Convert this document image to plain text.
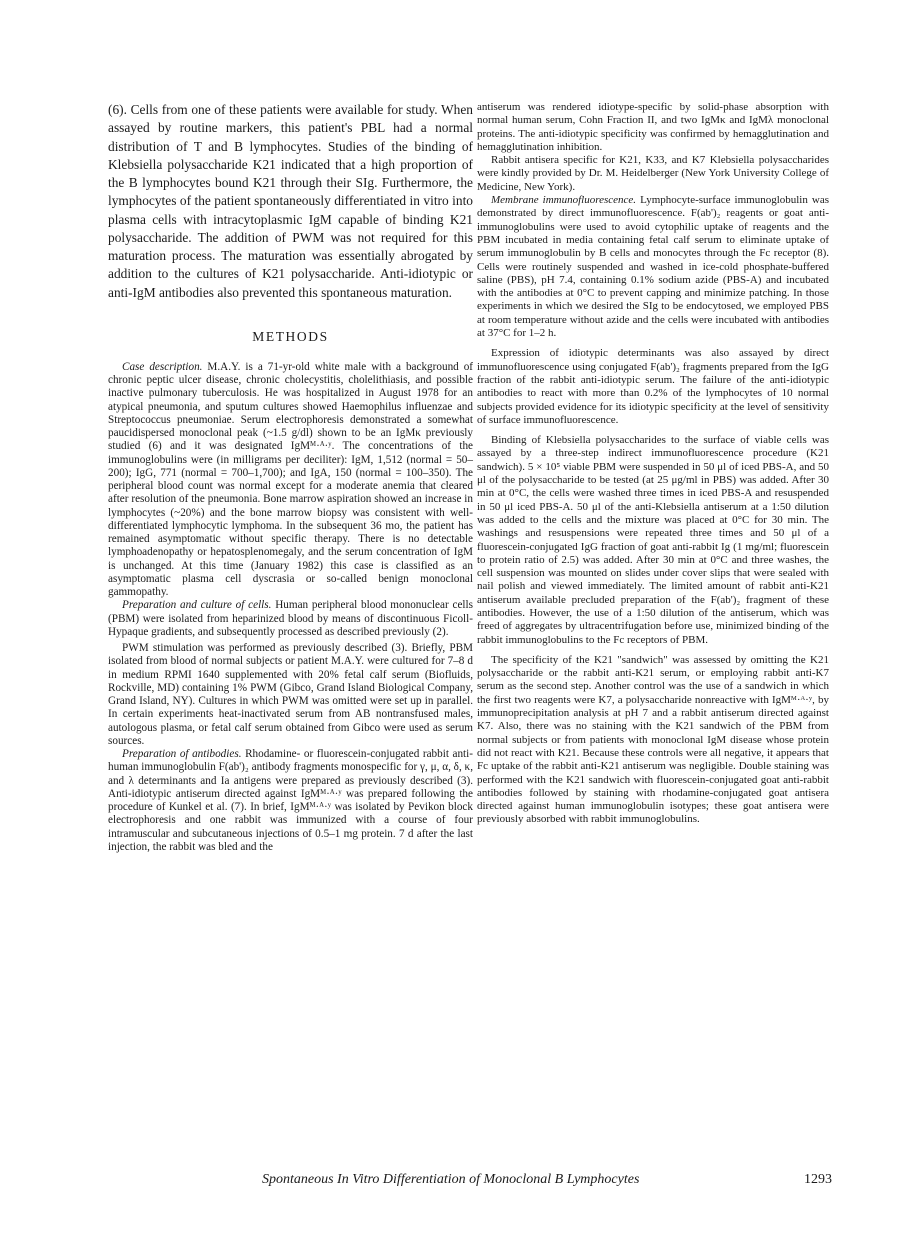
(6). Cells from one of these patients were available for study. When assayed by routine markers, this patient's PBL had a normal distribution of T and B lymphocytes. Studies of the binding of Klebsiella polysaccharide K21 indicated that a high proportion of the B lymphocytes bound K21 through their SIg. Furthermore, the lymphocytes of the patient spontaneously differentiated in vitro into plasma cells with intracytoplasmic IgM capable of binding K21 polysaccharide. The addition of PWM was not required for this maturation process. The maturation was essentially abrogated by addition to the cultures of K21 polysaccharide. Anti-idiotypic or anti-IgM antibodies also prevented this spontaneous maturation.

METHODS

Case description. M.A.Y. is a 71-yr-old white male with a background of chronic peptic ulcer disease, chronic cholecystitis, cholelithiasis, and possible inactive pulmonary tuberculosis. He was hospitalized in August 1978 for an atypical pneumonia, and sputum cultures showed Haemophilus influenzae and Streptococcus pneumoniae. Serum electrophoresis demonstrated a somewhat paucidispersed monoclonal peak (~1.5 g/dl) shown to be an IgMκ previously studied (6) and it was designated IgMᴹ·ᴬ·ʸ. The concentrations of the immunoglobulins were (in milligrams per deciliter): IgM, 1,512 (normal = 50–200); IgG, 771 (normal = 700–1,700); and IgA, 150 (normal = 100–350). The peripheral blood count was normal except for a moderate anemia that cleared after resolution of the pneumonia. Bone marrow aspiration showed an increase in lymphocytes (~20%) and the bone marrow biopsy was consistent with well-differentiated lymphocytic lymphoma. In the subsequent 36 mo, the patient has remained asymptomatic without specific therapy. There is no detectable lymphoadenopathy or hepatosplenomegaly, and the serum concentration of IgM is unchanged. At this time (January 1982) this case is classified as an asymptomatic plasma cell dyscrasia or so-called benign monoclonal gammopathy.

Preparation and culture of cells. Human peripheral blood mononuclear cells (PBM) were isolated from heparinized blood by means of discontinuous Ficoll-Hypaque gradients, and subsequently processed as described previously (2).

PWM stimulation was performed as previously described (3). Briefly, PBM isolated from blood of normal subjects or patient M.A.Y. were cultured for 7–8 d in medium RPMI 1640 supplemented with 20% fetal calf serum (Biofluids, Rockville, MD) containing 1% PWM (Gibco, Grand Island Biological Company, Grand Island, NY). Cultures in which PWM was omitted were set up in parallel. In certain experiments heat-inactivated serum from AB nontransfused males, autologous plasma, or fetal calf serum obtained from Gibco were used as serum sources.

Preparation of antibodies. Rhodamine- or fluorescein-conjugated rabbit anti-human immunoglobulin F(ab')₂ antibody fragments monospecific for γ, μ, α, δ, κ, and λ determinants and Ia antigens were prepared as previously described (3). Anti-idiotypic antiserum directed against IgMᴹ·ᴬ·ʸ was prepared following the procedure of Kunkel et al. (7). In brief, IgMᴹ·ᴬ·ʸ was isolated by Pevikon block electrophoresis and one rabbit was immunized with a course of four intramuscular and subcutaneous injections of 0.5–1 mg protein. 7 d after the last injection, the rabbit was bled and the

antiserum was rendered idiotype-specific by solid-phase absorption with normal human serum, Cohn Fraction II, and two IgMκ and IgMλ monoclonal proteins. The anti-idiotypic specificity was confirmed by hemagglutination and hemagglutination inhibition.

Rabbit antisera specific for K21, K33, and K7 Klebsiella polysaccharides were kindly provided by Dr. M. Heidelberger (New York University College of Medicine, New York).

Membrane immunofluorescence. Lymphocyte-surface immunoglobulin was demonstrated by direct immunofluorescence. F(ab')₂ reagents or goat anti-immunoglobulins were used to avoid cytophilic uptake of reagents and the PBM incubated in media containing fetal calf serum to eliminate uptake of serum immunoglobulin by B cells and monocytes through the Fc receptor (8). Cells were routinely suspended and washed in ice-cold phosphate-buffered saline (PBS), pH 7.4, containing 0.1% sodium azide (PBS-A) and incubated with the antibodies at 0°C to prevent capping and minimize patching. In those experiments in which we desired the SIg to be endocytosed, we employed PBS at room temperature without azide and the cells were incubated with antibodies at 37°C for 1–2 h.

Expression of idiotypic determinants was also assayed by direct immunofluorescence using conjugated F(ab')₂ fragments prepared from the IgG fraction of the rabbit anti-idiotypic serum. The failure of the anti-idiotypic antibodies to react with more than 0.2% of the lymphocytes of 10 normal subjects provided evidence for its idiotypic specificity at the level of sensitivity of surface immunofluorescence.

Binding of Klebsiella polysaccharides to the surface of viable cells was assayed by a three-step indirect immunofluorescence procedure (K21 sandwich). 5 × 10⁵ viable PBM were suspended in 50 μl of iced PBS-A, and 50 μl of the polysaccharide to be tested (at 25 μg/ml in PBS) was added. After 30 min at 0°C, the cells were washed three times in iced PBS-A and resuspended in 50 μl iced PBS-A. 50 μl of the anti-Klebsiella antiserum at a 1:50 dilution was added to the cells and the mixture was placed at 0°C for 30 min. The washings and resuspensions were repeated three times and 50 μl of a fluorescein-conjugated IgG fraction of goat anti-rabbit Ig (1 mg/ml; fluorescein to protein ratio of 2.5) was added. After 30 min at 0°C and three washes, the cell suspension was mounted on slides under cover slips that were sealed with nail polish and viewed immediately. The limited amount of rabbit anti-K21 antiserum available precluded preparation of the F(ab')₂ fragment of these antibodies. However, the use of a 1:50 dilution of the antiserum, which was freed of aggregates by ultracentrifugation before use, minimized binding of the rabbit immunoglobulins to the Fc receptors of PBM.

The specificity of the K21 "sandwich" was assessed by omitting the K21 polysaccharide or the rabbit anti-K21 serum, or employing rabbit anti-K7 serum as the second step. Another control was the use of a sandwich in which the first two reagents were K7, a polysaccharide nonreactive with IgMᴹ·ᴬ·ʸ, by immunoprecipitation analysis at pH 7 and a rabbit antiserum directed against K7. Also, there was no staining with the K21 sandwich of the PBM from normal subjects or from patients with monoclonal IgM disease whose protein did not react with K21. Because these controls were all negative, it appears that Fc uptake of the rabbit anti-K21 antiserum was negligible. Double staining was performed with the K21 sandwich with fluorescein-conjugated goat anti-rabbit antibodies followed by staining with rhodamine-conjugated goat antisera directed against human immunoglobulin isotypes; these goat antisera were previously absorbed with rabbit immunoglobulins.

Spontaneous In Vitro Differentiation of Monoclonal B Lymphocytes	1293
